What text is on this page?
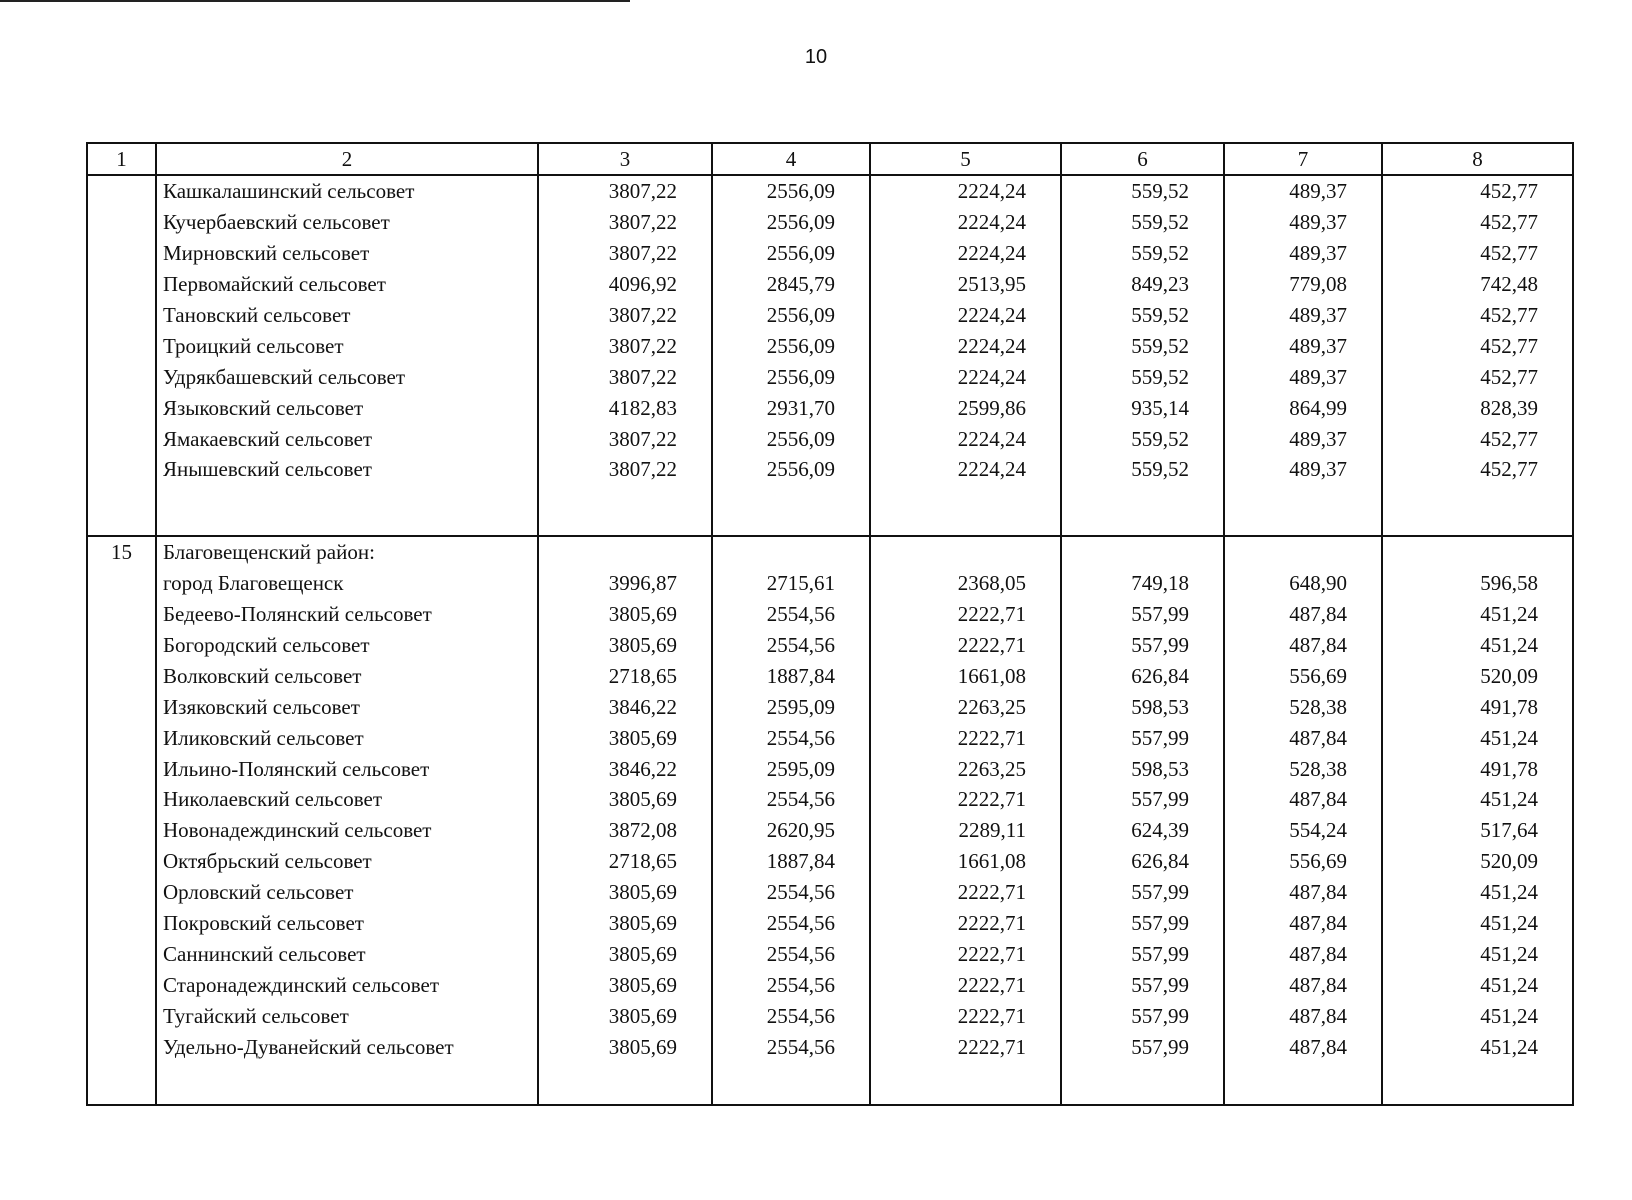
10
1	2	3	4	5	6	7	8
	Кашкалашинский сельсовет	3807,22	2556,09	2224,24	559,52	489,37	452,77
	Кучербаевский сельсовет	3807,22	2556,09	2224,24	559,52	489,37	452,77
	Мирновский сельсовет	3807,22	2556,09	2224,24	559,52	489,37	452,77
	Первомайский сельсовет	4096,92	2845,79	2513,95	849,23	779,08	742,48
	Тановский сельсовет	3807,22	2556,09	2224,24	559,52	489,37	452,77
	Троицкий сельсовет	3807,22	2556,09	2224,24	559,52	489,37	452,77
	Удрякбашевский сельсовет	3807,22	2556,09	2224,24	559,52	489,37	452,77
	Языковский сельсовет	4182,83	2931,70	2599,86	935,14	864,99	828,39
	Ямакаевский сельсовет	3807,22	2556,09	2224,24	559,52	489,37	452,77
	Янышевский сельсовет	3807,22	2556,09	2224,24	559,52	489,37	452,77

15	Благовещенский район:						
	город Благовещенск	3996,87	2715,61	2368,05	749,18	648,90	596,58
	Бедеево-Полянский сельсовет	3805,69	2554,56	2222,71	557,99	487,84	451,24
	Богородский сельсовет	3805,69	2554,56	2222,71	557,99	487,84	451,24
	Волковский сельсовет	2718,65	1887,84	1661,08	626,84	556,69	520,09
	Изяковский сельсовет	3846,22	2595,09	2263,25	598,53	528,38	491,78
	Иликовский сельсовет	3805,69	2554,56	2222,71	557,99	487,84	451,24
	Ильино-Полянский сельсовет	3846,22	2595,09	2263,25	598,53	528,38	491,78
	Николаевский сельсовет	3805,69	2554,56	2222,71	557,99	487,84	451,24
	Новонадеждинский сельсовет	3872,08	2620,95	2289,11	624,39	554,24	517,64
	Октябрьский сельсовет	2718,65	1887,84	1661,08	626,84	556,69	520,09
	Орловский сельсовет	3805,69	2554,56	2222,71	557,99	487,84	451,24
	Покровский сельсовет	3805,69	2554,56	2222,71	557,99	487,84	451,24
	Саннинский сельсовет	3805,69	2554,56	2222,71	557,99	487,84	451,24
	Старонадеждинский сельсовет	3805,69	2554,56	2222,71	557,99	487,84	451,24
	Тугайский сельсовет	3805,69	2554,56	2222,71	557,99	487,84	451,24
	Удельно-Дуванейский сельсовет	3805,69	2554,56	2222,71	557,99	487,84	451,24
